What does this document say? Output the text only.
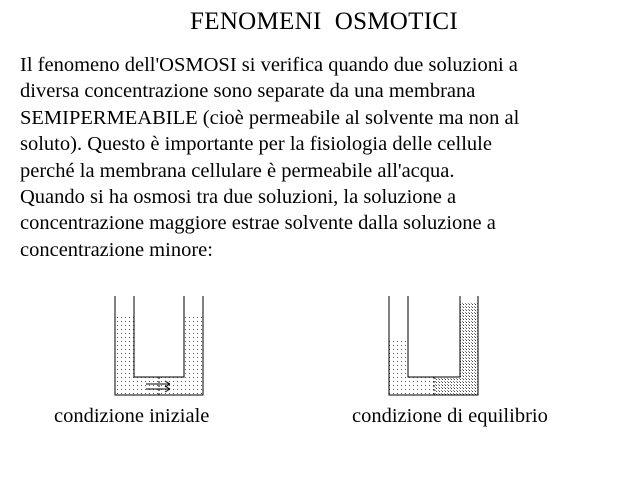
FENOMENI  OSMOTICI
Il fenomeno dell'OSMOSI si verifica quando due soluzioni a
diversa concentrazione sono separate da una membrana
SEMIPERMEABILE (cioè permeabile al solvente ma non al
soluto). Questo è importante per la fisiologia delle cellule
perché la membrana cellulare è permeabile all'acqua.
Quando si ha osmosi tra due soluzioni, la soluzione a
concentrazione maggiore estrae solvente dalla soluzione a
concentrazione minore:
condizione iniziale	condizione di equilibrio
